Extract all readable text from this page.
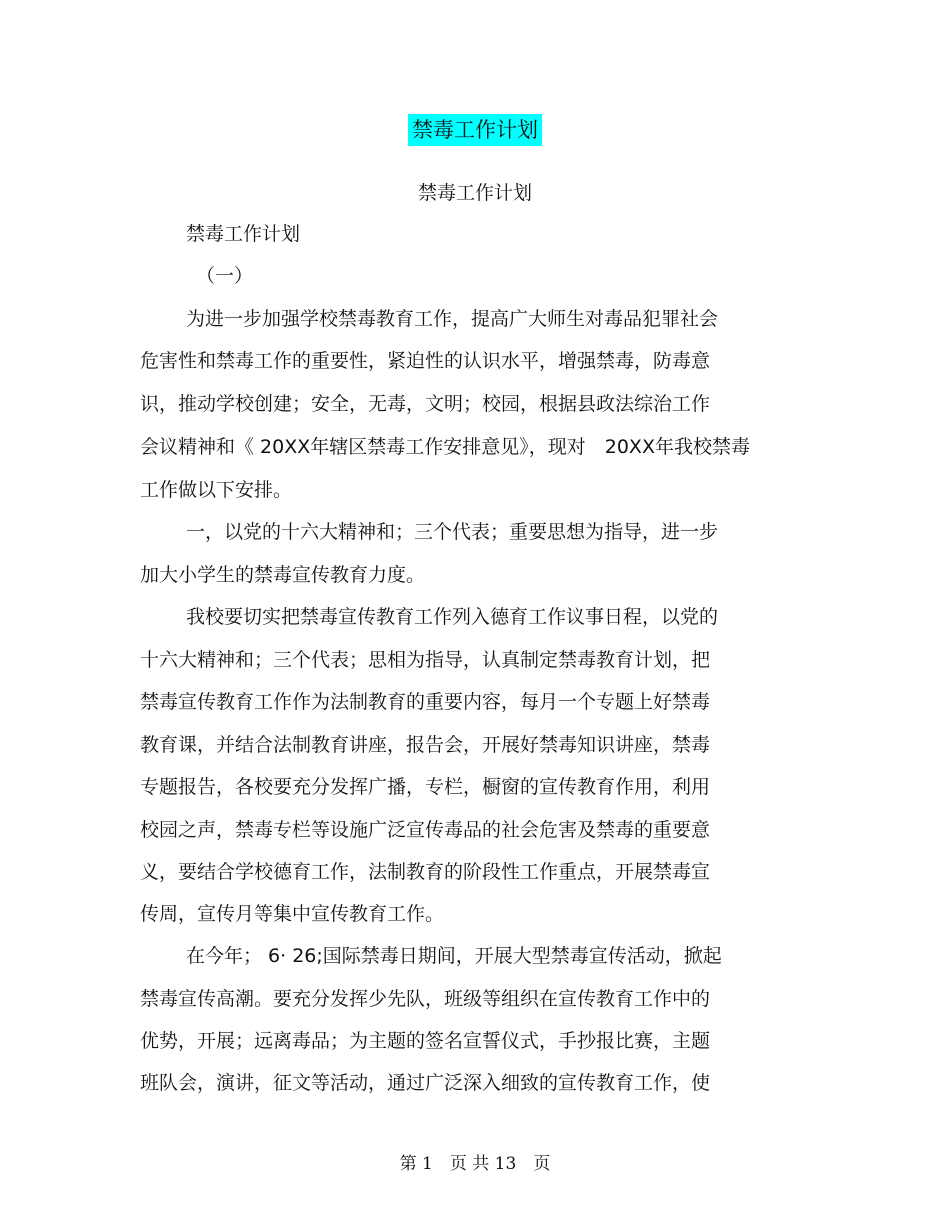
禁毒工作计划
禁毒工作计划
禁毒工作计划
（一）
为进一步加强学校禁毒教育工作，提高广大师生对毒品犯罪社会
危害性和禁毒工作的重要性，紧迫性的认识水平，增强禁毒，防毒意
识，推动学校创建；安全，无毒，文明；校园，根据县政法综治工作
会议精神和《 20XX年辖区禁毒工作安排意见》，现对　20XX年我校禁毒
工作做以下安排。
一，以党的十六大精神和；三个代表；重要思想为指导，进一步
加大小学生的禁毒宣传教育力度。
我校要切实把禁毒宣传教育工作列入德育工作议事日程，以党的
十六大精神和；三个代表；思相为指导，认真制定禁毒教育计划，把
禁毒宣传教育工作作为法制教育的重要内容，每月一个专题上好禁毒
教育课，并结合法制教育讲座，报告会，开展好禁毒知识讲座，禁毒
专题报告，各校要充分发挥广播，专栏，橱窗的宣传教育作用，利用
校园之声，禁毒专栏等设施广泛宣传毒品的社会危害及禁毒的重要意
义，要结合学校德育工作，法制教育的阶段性工作重点，开展禁毒宣
传周，宣传月等集中宣传教育工作。
在今年； 6· 26;国际禁毒日期间，开展大型禁毒宣传活动，掀起
禁毒宣传高潮。要充分发挥少先队，班级等组织在宣传教育工作中的
优势，开展；远离毒品；为主题的签名宣誓仪式，手抄报比赛，主题
班队会，演讲，征文等活动，通过广泛深入细致的宣传教育工作，使
第 1　页 共 13　页
